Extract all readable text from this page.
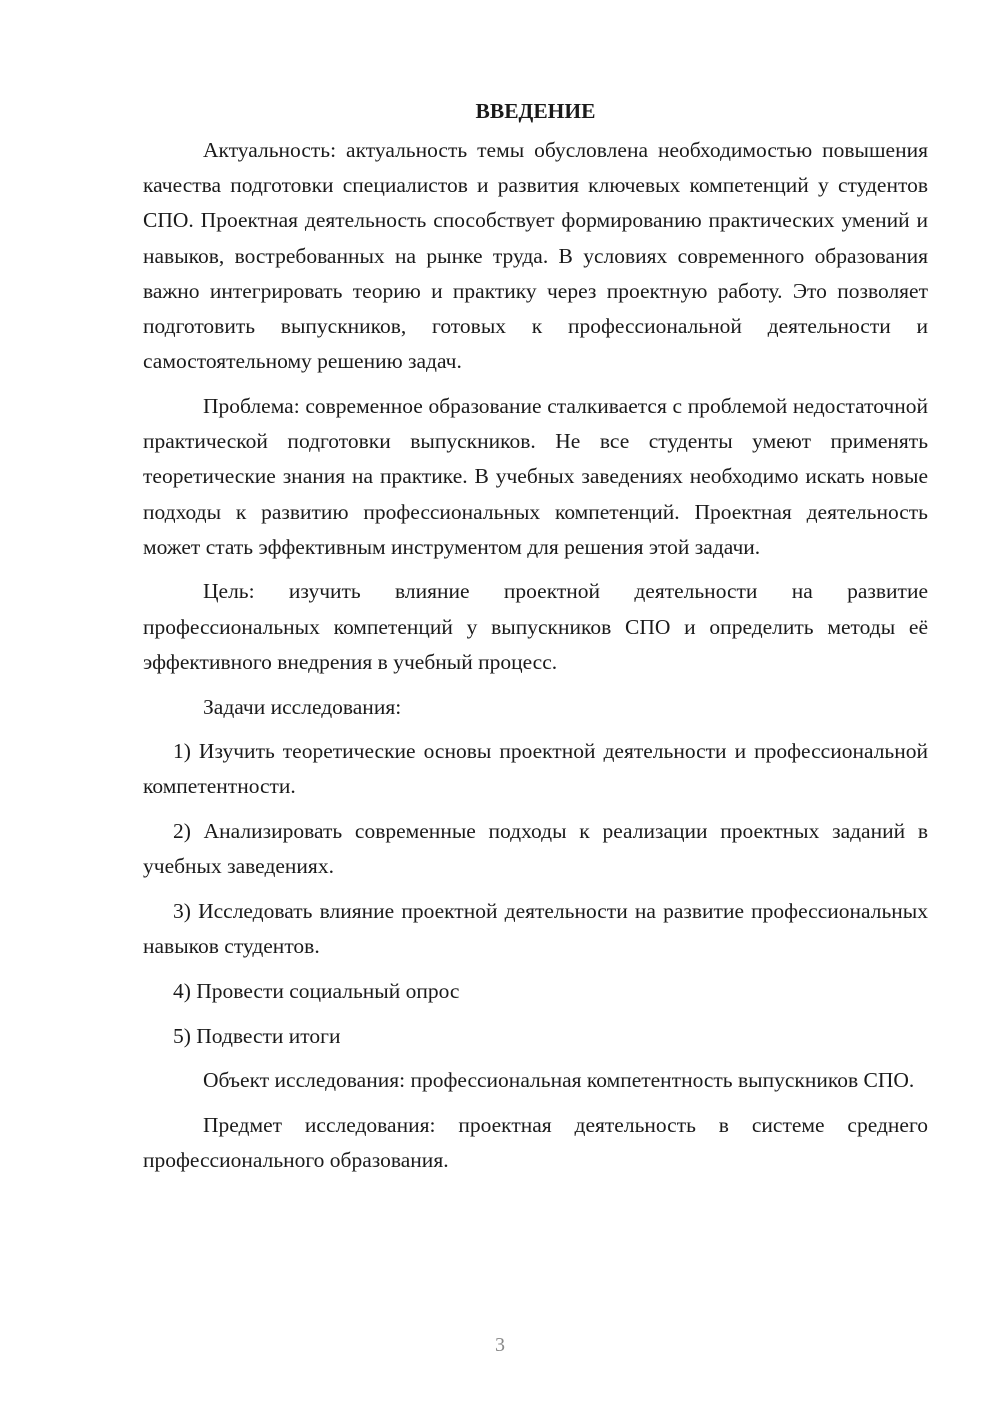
ВВЕДЕНИЕ

Актуальность: актуальность темы обусловлена необходимостью повышения качества подготовки специалистов и развития ключевых компетенций у студентов СПО. Проектная деятельность способствует формированию практических умений и навыков, востребованных на рынке труда. В условиях современного образования важно интегрировать теорию и практику через проектную работу. Это позволяет подготовить выпускников, готовых к профессиональной деятельности и самостоятельному решению задач.

Проблема: современное образование сталкивается с проблемой недостаточной практической подготовки выпускников. Не все студенты умеют применять теоретические знания на практике. В учебных заведениях необходимо искать новые подходы к развитию профессиональных компетенций. Проектная деятельность может стать эффективным инструментом для решения этой задачи.

Цель: изучить влияние проектной деятельности на развитие профессиональных компетенций у выпускников СПО и определить методы её эффективного внедрения в учебный процесс.

Задачи исследования:

1) Изучить теоретические основы проектной деятельности и профессиональной компетентности.

2) Анализировать современные подходы к реализации проектных заданий в учебных заведениях.

3) Исследовать влияние проектной деятельности на развитие профессиональных навыков студентов.

4) Провести социальный опрос

5) Подвести итоги

Объект исследования: профессиональная компетентность выпускников СПО.

Предмет исследования: проектная деятельность в системе среднего профессионального образования.

3
